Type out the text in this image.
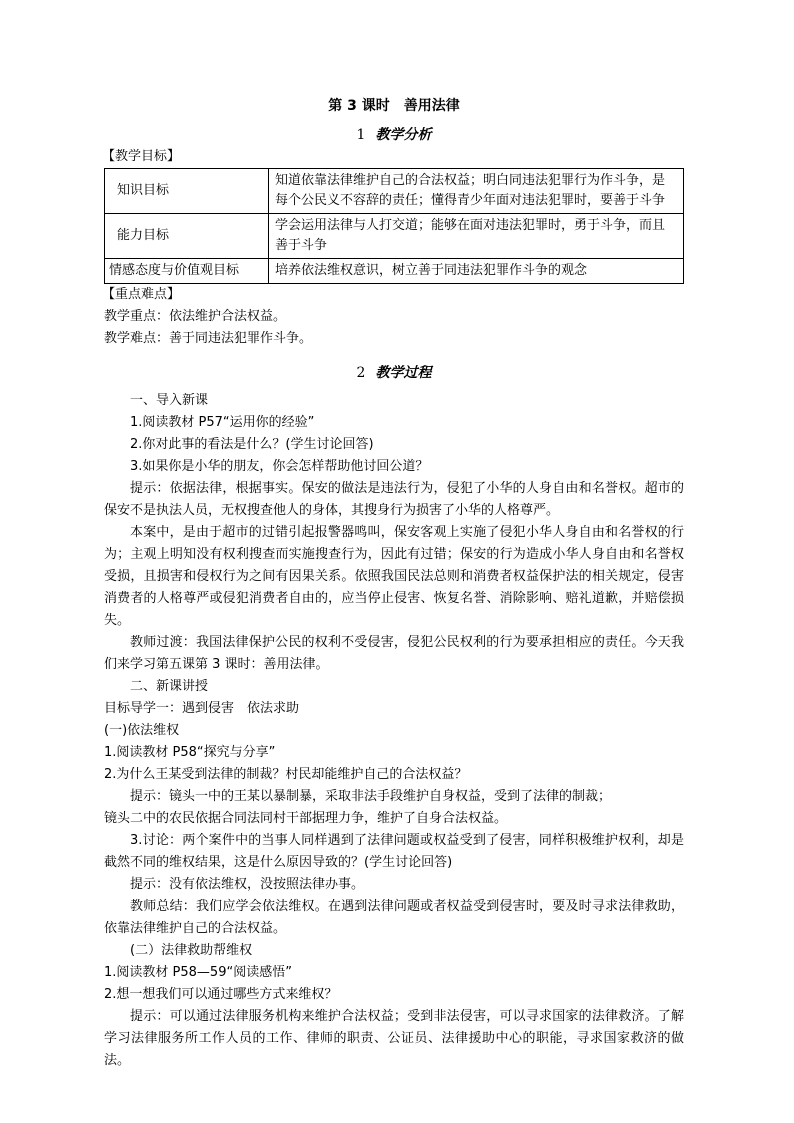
第 3 课时　善用法律
1 教学分析
【教学目标】
知识目标	知道依靠法律维护自己的合法权益；明白同违法犯罪行为作斗争，是每个公民义不容辞的责任；懂得青少年面对违法犯罪时，要善于斗争
能力目标	学会运用法律与人打交道；能够在面对违法犯罪时，勇于斗争，而且善于斗争
情感态度与价值观目标	培养依法维权意识，树立善于同违法犯罪作斗争的观念
【重点难点】
教学重点：依法维护合法权益。
教学难点：善于同违法犯罪作斗争。
2 教学过程
一、导入新课
1.阅读教材 P57“运用你的经验”
2.你对此事的看法是什么？(学生讨论回答)
3.如果你是小华的朋友，你会怎样帮助他讨回公道？
提示：依据法律，根据事实。保安的做法是违法行为，侵犯了小华的人身自由和名誉权。超市的保安不是执法人员，无权搜查他人的身体，其搜身行为损害了小华的人格尊严。
本案中，是由于超市的过错引起报警器鸣叫，保安客观上实施了侵犯小华人身自由和名誉权的行为；主观上明知没有权利搜查而实施搜查行为，因此有过错；保安的行为造成小华人身自由和名誉权受损，且损害和侵权行为之间有因果关系。依照我国民法总则和消费者权益保护法的相关规定，侵害消费者的人格尊严或侵犯消费者自由的，应当停止侵害、恢复名誉、消除影响、赔礼道歉，并赔偿损失。
教师过渡：我国法律保护公民的权利不受侵害，侵犯公民权利的行为要承担相应的责任。今天我们来学习第五课第 3 课时：善用法律。
二、新课讲授
目标导学一：遇到侵害　依法求助
(一)依法维权
1.阅读教材 P58“探究与分享”
2.为什么王某受到法律的制裁？村民却能维护自己的合法权益？
提示：镜头一中的王某以暴制暴，采取非法手段维护自身权益，受到了法律的制裁；
镜头二中的农民依据合同法同村干部据理力争，维护了自身合法权益。
3.讨论：两个案件中的当事人同样遇到了法律问题或权益受到了侵害，同样积极维护权利，却是截然不同的维权结果，这是什么原因导致的？(学生讨论回答)
提示：没有依法维权，没按照法律办事。
教师总结：我们应学会依法维权。在遇到法律问题或者权益受到侵害时，要及时寻求法律救助，依靠法律维护自己的合法权益。
(二）法律救助帮维权
1.阅读教材 P58—59“阅读感悟”
2.想一想我们可以通过哪些方式来维权？
提示：可以通过法律服务机构来维护合法权益；受到非法侵害，可以寻求国家的法律救济。了解学习法律服务所工作人员的工作、律师的职责、公证员、法律援助中心的职能，寻求国家救济的做法。
